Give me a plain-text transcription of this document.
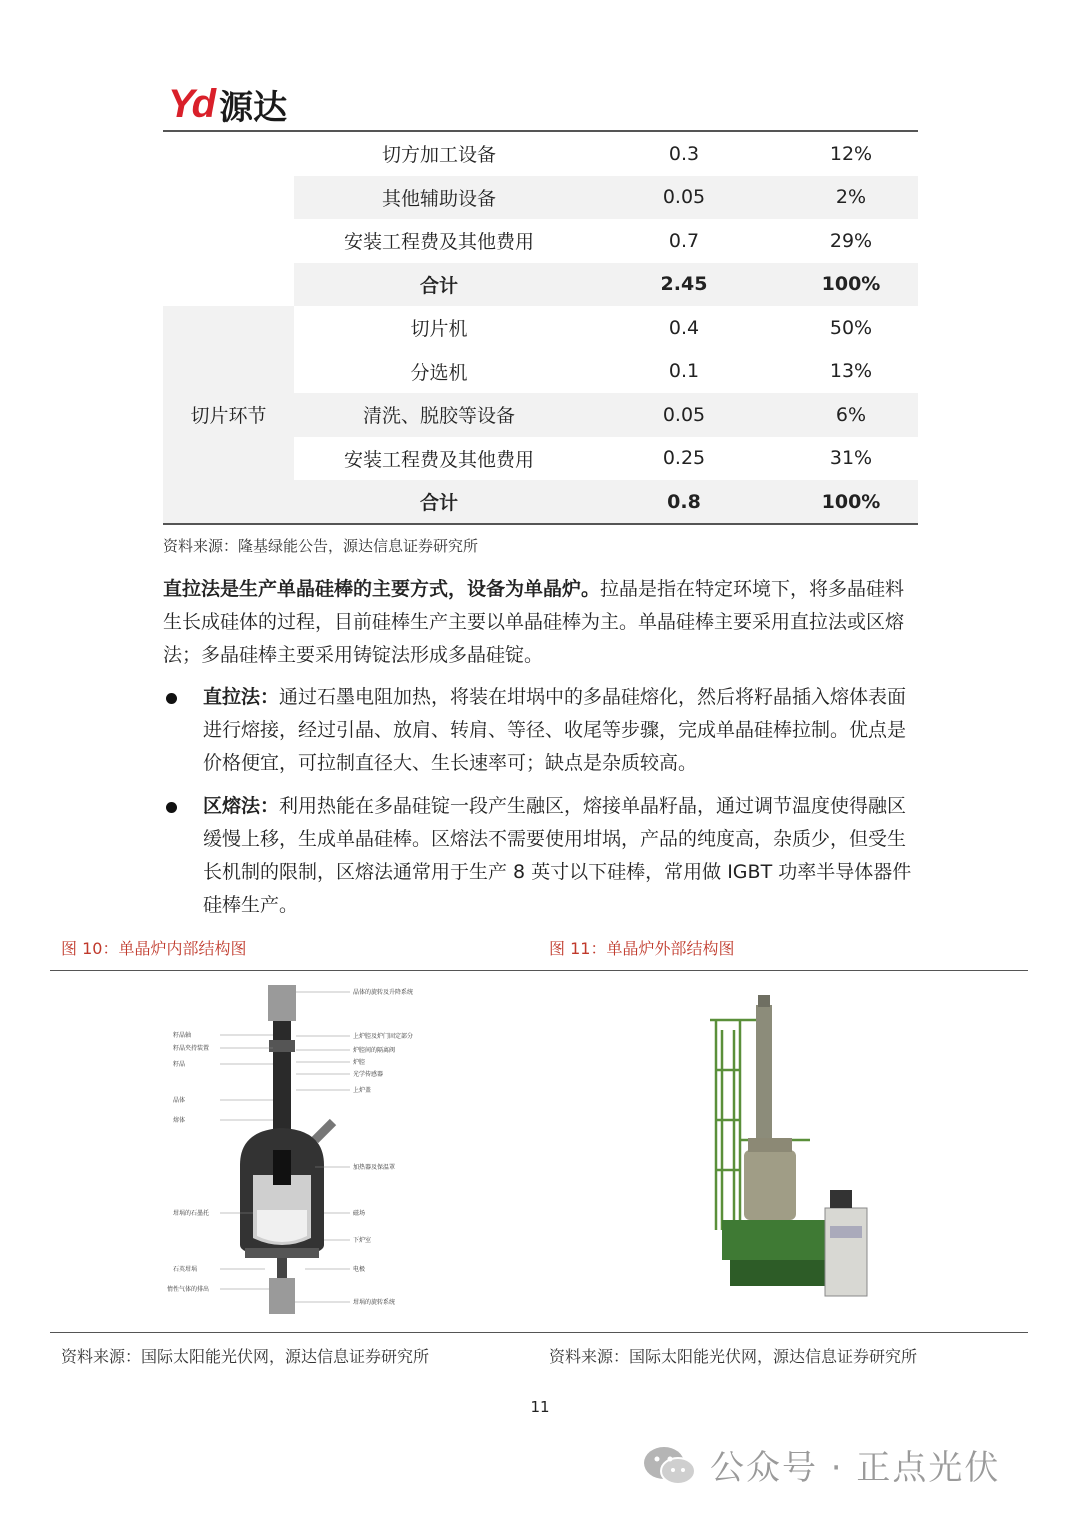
Yd 源达
	切方加工设备	0.3	12%
	其他辅助设备	0.05	2%
	安装工程费及其他费用	0.7	29%
	合计	2.45	100%
切片环节	切片机	0.4	50%
	分选机	0.1	13%
	清洗、脱胶等设备	0.05	6%
	安装工程费及其他费用	0.25	31%
	合计	0.8	100%
资料来源：隆基绿能公告，源达信息证券研究所
直拉法是生产单晶硅棒的主要方式，设备为单晶炉。拉晶是指在特定环境下，将多晶硅料生长成硅体的过程，目前硅棒生产主要以单晶硅棒为主。单晶硅棒主要采用直拉法或区熔法；多晶硅棒主要采用铸锭法形成多晶硅锭。
直拉法：通过石墨电阻加热，将装在坩埚中的多晶硅熔化，然后将籽晶插入熔体表面进行熔接，经过引晶、放肩、转肩、等径、收尾等步骤，完成单晶硅棒拉制。优点是价格便宜，可拉制直径大、生长速率可；缺点是杂质较高。
区熔法：利用热能在多晶硅锭一段产生融区，熔接单晶籽晶，通过调节温度使得融区缓慢上移，生成单晶硅棒。区熔法不需要使用坩埚，产品的纯度高，杂质少，但受生长机制的限制，区熔法通常用于生产 8 英寸以下硅棒，常用做 IGBT 功率半导体器件硅棒生产。
图 10：单晶炉内部结构图	图 11：单晶炉外部结构图
籽晶轴
籽晶夹持装置
籽晶
晶体
熔体
坩埚的石墨托
石英坩埚
惰性气体的排出
晶体的旋转及升降系统
上炉腔及炉门固定部分
炉腔间的隔离阀
炉腔
光学传感器
上炉盖
加热器及保温罩
磁场
下炉室
电极
坩埚的旋转系统
资料来源：国际太阳能光伏网，源达信息证券研究所	资料来源：国际太阳能光伏网，源达信息证券研究所
11
公众号 · 正点光伏
